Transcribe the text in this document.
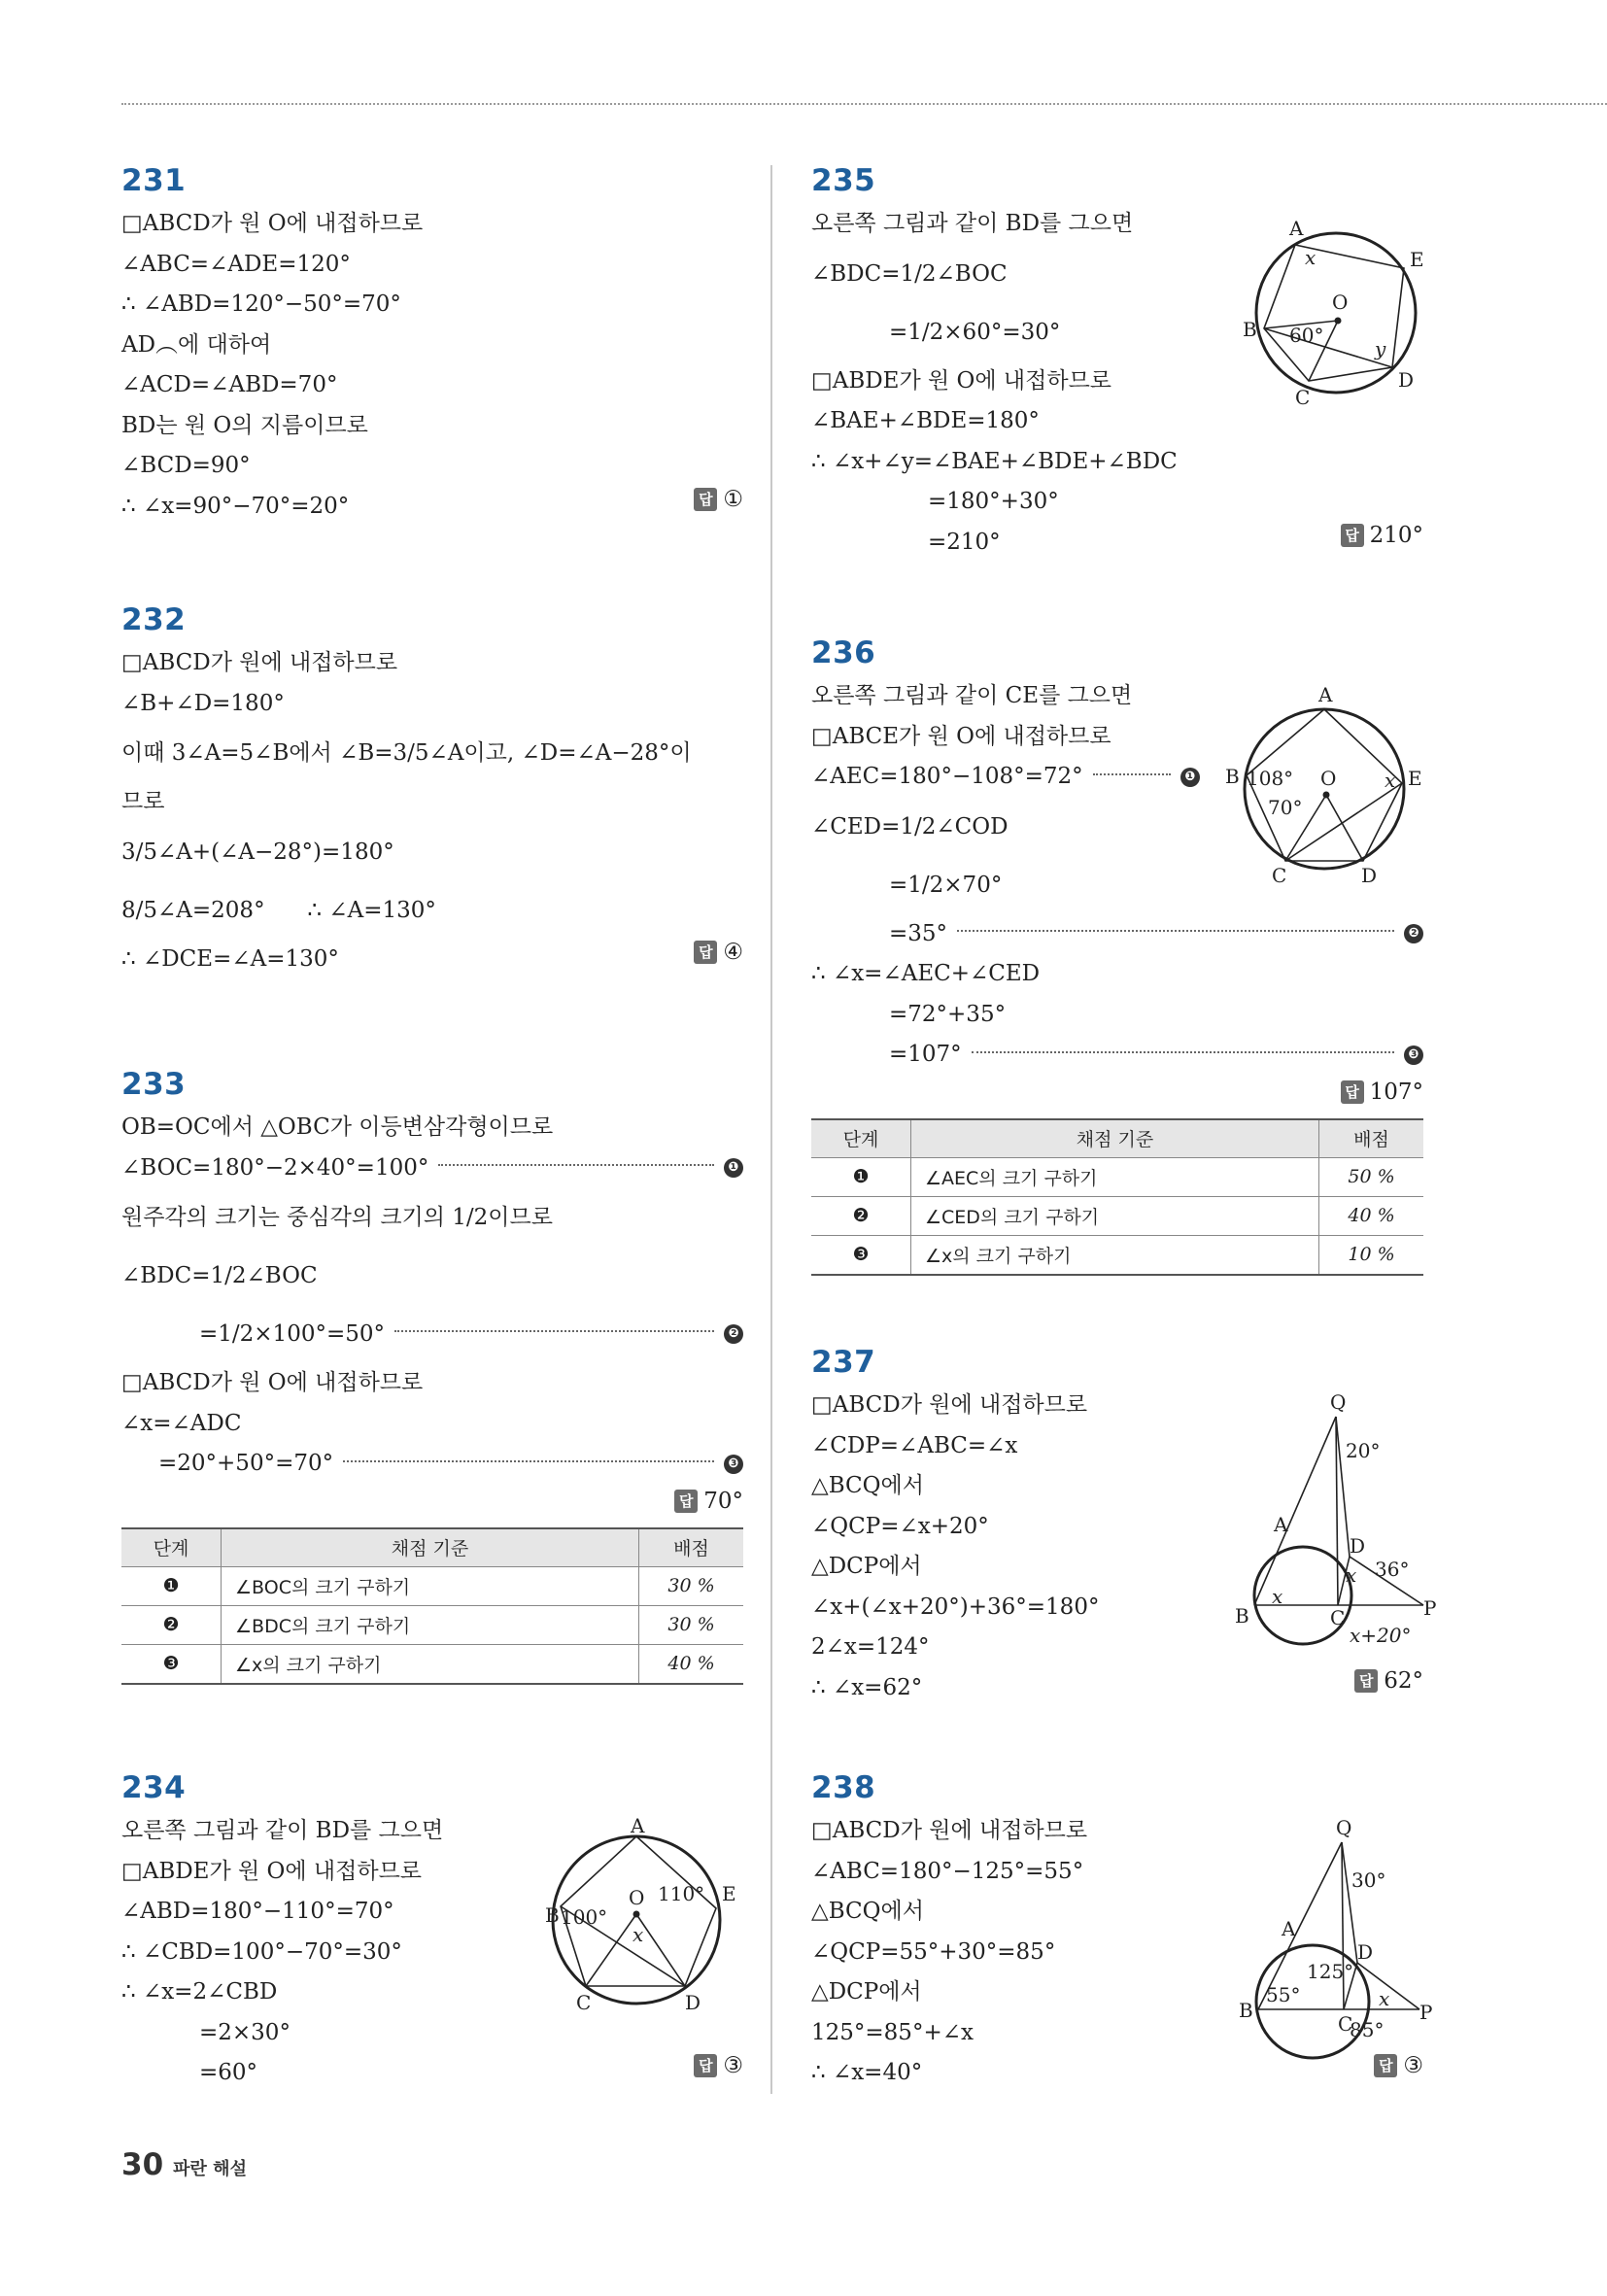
231
□ABCD가 원 O에 내접하므로
∠ABC=∠ADE=120°
∴ ∠ABD=120°−50°=70°
AD︵에 대하여
∠ACD=∠ABD=70°
BD는 원 O의 지름이므로
∠BCD=90°
∴ ∠x=90°−70°=20°	답 ①
232
□ABCD가 원에 내접하므로
∠B+∠D=180°
이때 3∠A=5∠B에서 ∠B=3/5∠A이고, ∠D=∠A−28°이
므로
3/5∠A+(∠A−28°)=180°
8/5∠A=208°      ∴ ∠A=130°
∴ ∠DCE=∠A=130°	답 ④
233
OB=OC에서 △OBC가 이등변삼각형이므로
∠BOC=180°−2×40°=100°	❶
원주각의 크기는 중심각의 크기의 1/2이므로
∠BDC=1/2∠BOC
=1/2×100°=50°	❷
□ABCD가 원 O에 내접하므로
∠x=∠ADC
=20°+50°=70°	❸
답 70°
단계	채점 기준	배점
❶	∠BOC의 크기 구하기	30 %
❷	∠BDC의 크기 구하기	30 %
❸	∠x의 크기 구하기	40 %
234
오른쪽 그림과 같이 BD를 그으면
□ABDE가 원 O에 내접하므로
∠ABD=180°−110°=70°
∴ ∠CBD=100°−70°=30°
∴ ∠x=2∠CBD
=2×30°
=60°	답 ③
A
B
C	D
E
O
100°
110°
x
235
오른쪽 그림과 같이 BD를 그으면
∠BDC=1/2∠BOC
=1/2×60°=30°
□ABDE가 원 O에 내접하므로
∠BAE+∠BDE=180°
∴ ∠x+∠y=∠BAE+∠BDE+∠BDC
=180°+30°
=210°	답 210°
A
B
C
D
E
O
60°
x
y
236
오른쪽 그림과 같이 CE를 그으면
□ABCE가 원 O에 내접하므로
∠AEC=180°−108°=72°	❶
∠CED=1/2∠COD
=1/2×70°
=35°	❷
∴ ∠x=∠AEC+∠CED
=72°+35°
=107°	❸
답 107°
단계	채점 기준	배점
❶	∠AEC의 크기 구하기	50 %
❷	∠CED의 크기 구하기	40 %
❸	∠x의 크기 구하기	10 %
A
B
C	D
E
O
108°
70°
x
237
□ABCD가 원에 내접하므로
∠CDP=∠ABC=∠x
△BCQ에서
∠QCP=∠x+20°
△DCP에서
∠x+(∠x+20°)+36°=180°
2∠x=124°
∴ ∠x=62°	답 62°
Q
A
B	C
D
P
20°
36°
x
x
x+20°
238
□ABCD가 원에 내접하므로
∠ABC=180°−125°=55°
△BCQ에서
∠QCP=55°+30°=85°
△DCP에서
125°=85°+∠x
∴ ∠x=40°	답 ③
Q
A
B
C
D
P
30°
125°
55°
85°
x
30 파란 해설
